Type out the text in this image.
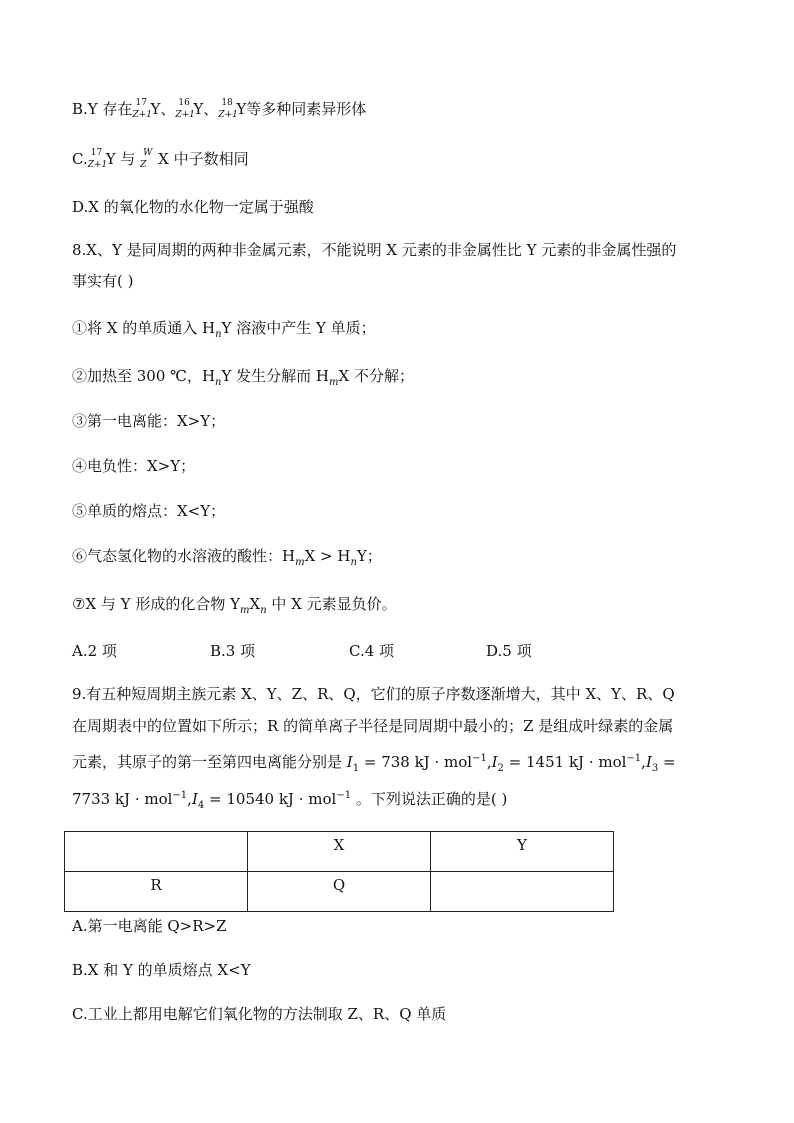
B.Y 存在 17
Z+1
Y、 16
Z+1
Y、 18
Z+1
Y等多种同素异形体
C. 17
Z+1
Y 与 W
Z X 中子数相同
D.X 的氧化物的水化物一定属于强酸
8.X、Y 是同周期的两种非金属元素，不能说明 X 元素的非金属性比 Y 元素的非金属性强的
事实有( )
①将 X 的单质通入 $H_nY$ 溶液中产生 Y 单质；
②加热至 300 ℃，$H_nY$ 发生分解而 $H_mX$ 不分解；
③第一电离能：X>Y；
④电负性：X>Y；
⑤单质的熔点：X<Y；
⑥气态氢化物的水溶液的酸性：$H_mX > H_nY$；
⑦X 与 Y 形成的化合物 $Y_mX_n$ 中 X 元素显负价。
A.2 项	B.3 项	C.4 项	D.5 项
9.有五种短周期主族元素 X、Y、Z、R、Q，它们的原子序数逐渐增大，其中 X、Y、R、Q
在周期表中的位置如下所示；R 的简单离子半径是同周期中最小的；Z 是组成叶绿素的金属
元素，其原子的第一至第四电离能分别是 $I_1 = 738$ kJ · $mol^{-1},I_2 = 1451$ kJ · $mol^{-1},I_3$ =
7733 kJ · $mol^{-1},I_4 = 10540$ kJ · mol$^{-1}$ 。下列说法正确的是( )
	X	Y
R	Q	
A.第一电离能 Q>R>Z
B.X 和 Y 的单质熔点 X<Y
C.工业上都用电解它们氧化物的方法制取 Z、R、Q 单质
